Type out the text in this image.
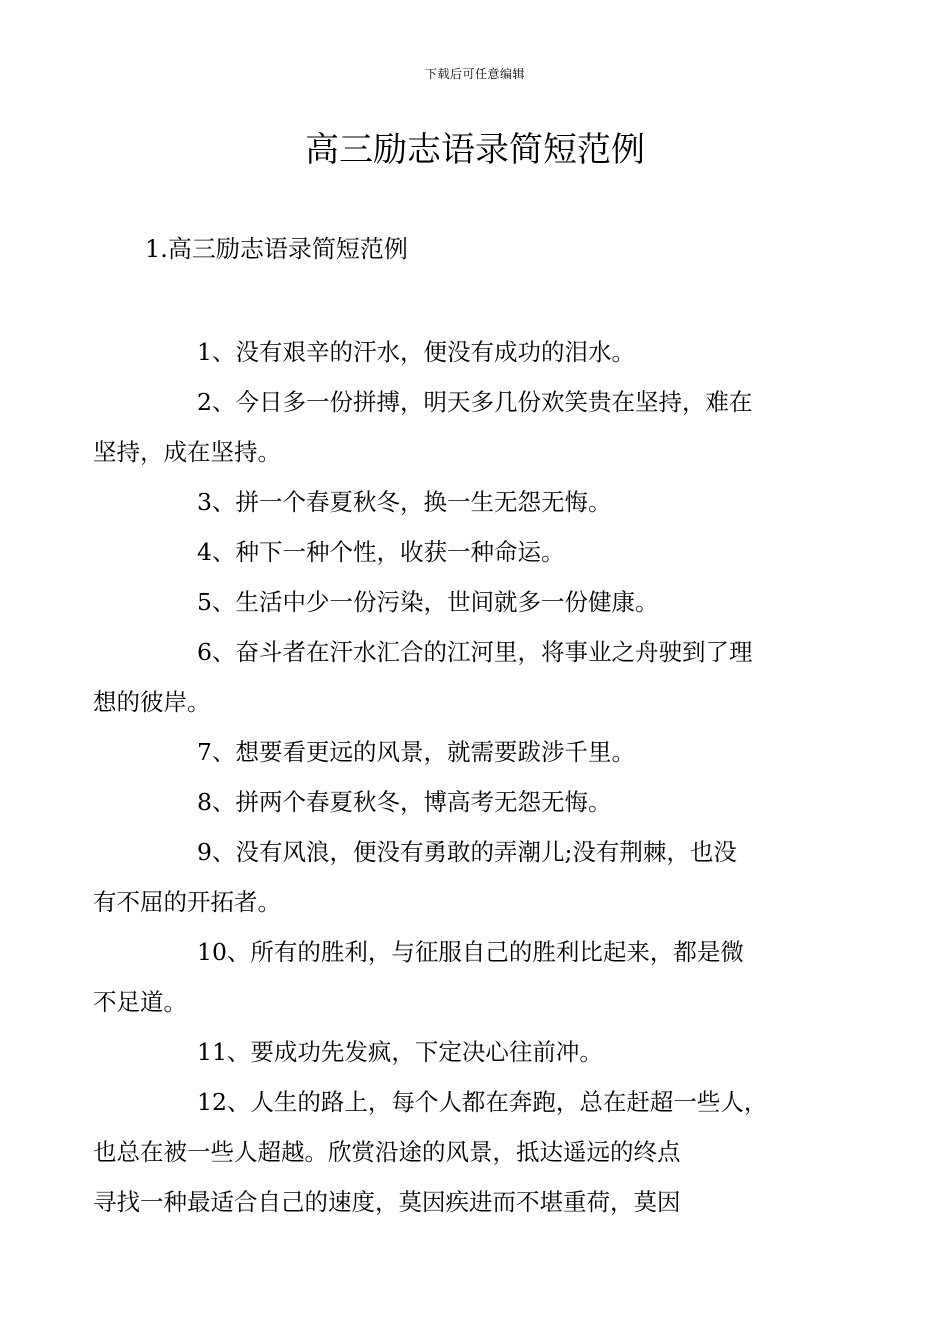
下载后可任意编辑
高三励志语录简短范例
1.高三励志语录简短范例

1、没有艰辛的汗水，便没有成功的泪水。

2、今日多一份拼搏，明天多几份欢笑贵在坚持，难在
坚持，成在坚持。

3、拼一个春夏秋冬，换一生无怨无悔。

4、种下一种个性，收获一种命运。

5、生活中少一份污染，世间就多一份健康。

6、奋斗者在汗水汇合的江河里，将事业之舟驶到了理
想的彼岸。

7、想要看更远的风景，就需要跋涉千里。

8、拼两个春夏秋冬，博高考无怨无悔。

9、没有风浪，便没有勇敢的弄潮儿;没有荆棘，也没
有不屈的开拓者。

10、所有的胜利，与征服自己的胜利比起来，都是微
不足道。

11、要成功先发疯，下定决心往前冲。

12、人生的路上，每个人都在奔跑，总在赶超一些人，
也总在被一些人超越。欣赏沿途的风景，抵达遥远的终点
寻找一种最适合自己的速度，莫因疾进而不堪重荷，莫因
